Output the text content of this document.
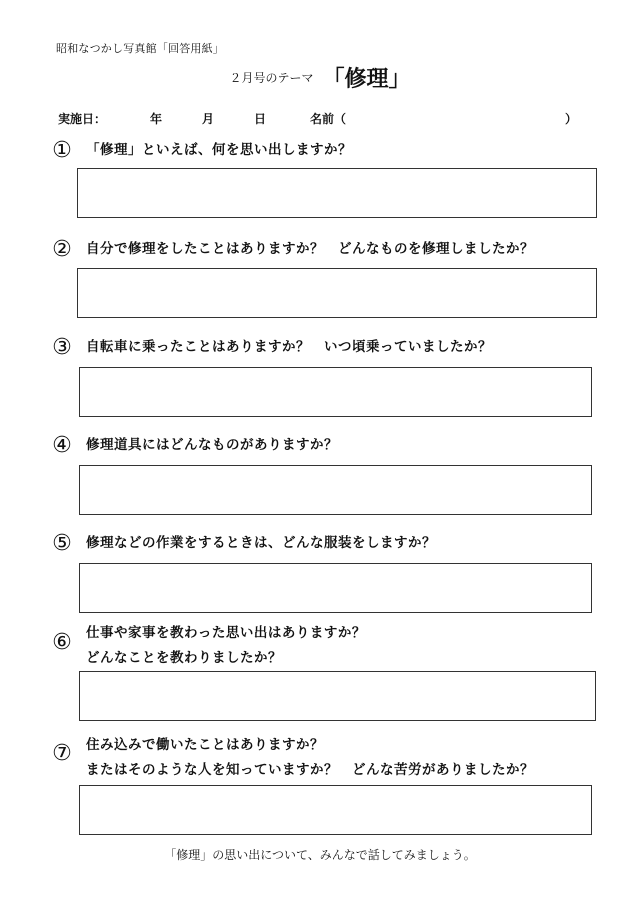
昭和なつかし写真館「回答用紙」
２月号のテーマ 「修理」
実施日：	年	月	日	名前（	）
① 「修理」といえば、何を思い出しますか？
② 自分で修理をしたことはありますか？　どんなものを修理しましたか？
③ 自転車に乗ったことはありますか？　いつ頃乗っていましたか？
④ 修理道具にはどんなものがありますか？
⑤ 修理などの作業をするときは、どんな服装をしますか？
⑥ 仕事や家事を教わった思い出はありますか？
どんなことを教わりましたか？
⑦ 住み込みで働いたことはありますか？
またはそのような人を知っていますか？　どんな苦労がありましたか？
「修理」の思い出について、みんなで話してみましょう。
